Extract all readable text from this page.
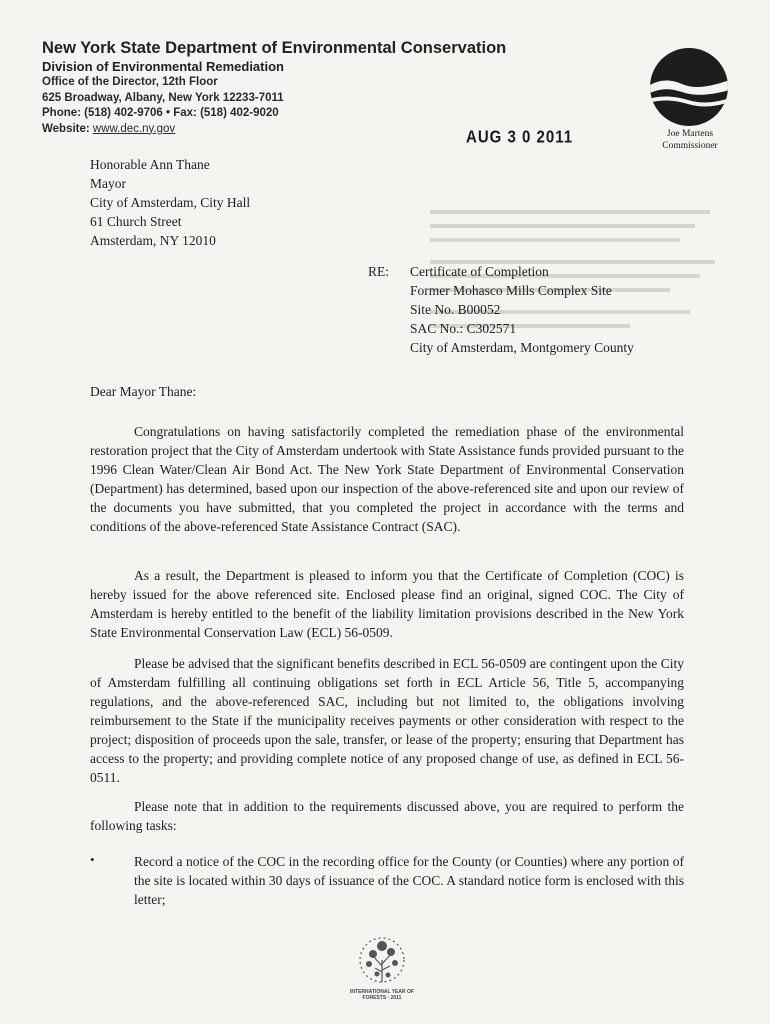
New York State Department of Environmental Conservation
Division of Environmental Remediation
Office of the Director, 12th Floor
625 Broadway, Albany, New York 12233-7011
Phone: (518) 402-9706 • Fax: (518) 402-9020
Website: www.dec.ny.gov	Joe Martens
Commissioner
AUG 3 0 2011
Honorable Ann Thane
Mayor
City of Amsterdam, City Hall
61 Church Street
Amsterdam, NY 12010
RE: Certificate of Completion
Former Mohasco Mills Complex Site
Site No. B00052
SAC No.: C302571
City of Amsterdam, Montgomery County
Dear Mayor Thane:

Congratulations on having satisfactorily completed the remediation phase of the environmental restoration project that the City of Amsterdam undertook with State Assistance funds provided pursuant to the 1996 Clean Water/Clean Air Bond Act. The New York State Department of Environmental Conservation (Department) has determined, based upon our inspection of the above-referenced site and upon our review of the documents you have submitted, that you completed the project in accordance with the terms and conditions of the above-referenced State Assistance Contract (SAC).

As a result, the Department is pleased to inform you that the Certificate of Completion (COC) is hereby issued for the above referenced site. Enclosed please find an original, signed COC. The City of Amsterdam is hereby entitled to the benefit of the liability limitation provisions described in the New York State Environmental Conservation Law (ECL) 56-0509.

Please be advised that the significant benefits described in ECL 56-0509 are contingent upon the City of Amsterdam fulfilling all continuing obligations set forth in ECL Article 56, Title 5, accompanying regulations, and the above-referenced SAC, including but not limited to, the obligations involving reimbursement to the State if the municipality receives payments or other consideration with respect to the project; disposition of proceeds upon the sale, transfer, or lease of the property; ensuring that Department has access to the property; and providing complete notice of any proposed change of use, as defined in ECL 56-0511.

Please note that in addition to the requirements discussed above, you are required to perform the following tasks:

•	Record a notice of the COC in the recording office for the County (or Counties) where any portion of the site is located within 30 days of issuance of the COC. A standard notice form is enclosed with this letter;
INTERNATIONAL YEAR OF FORESTS · 2011
